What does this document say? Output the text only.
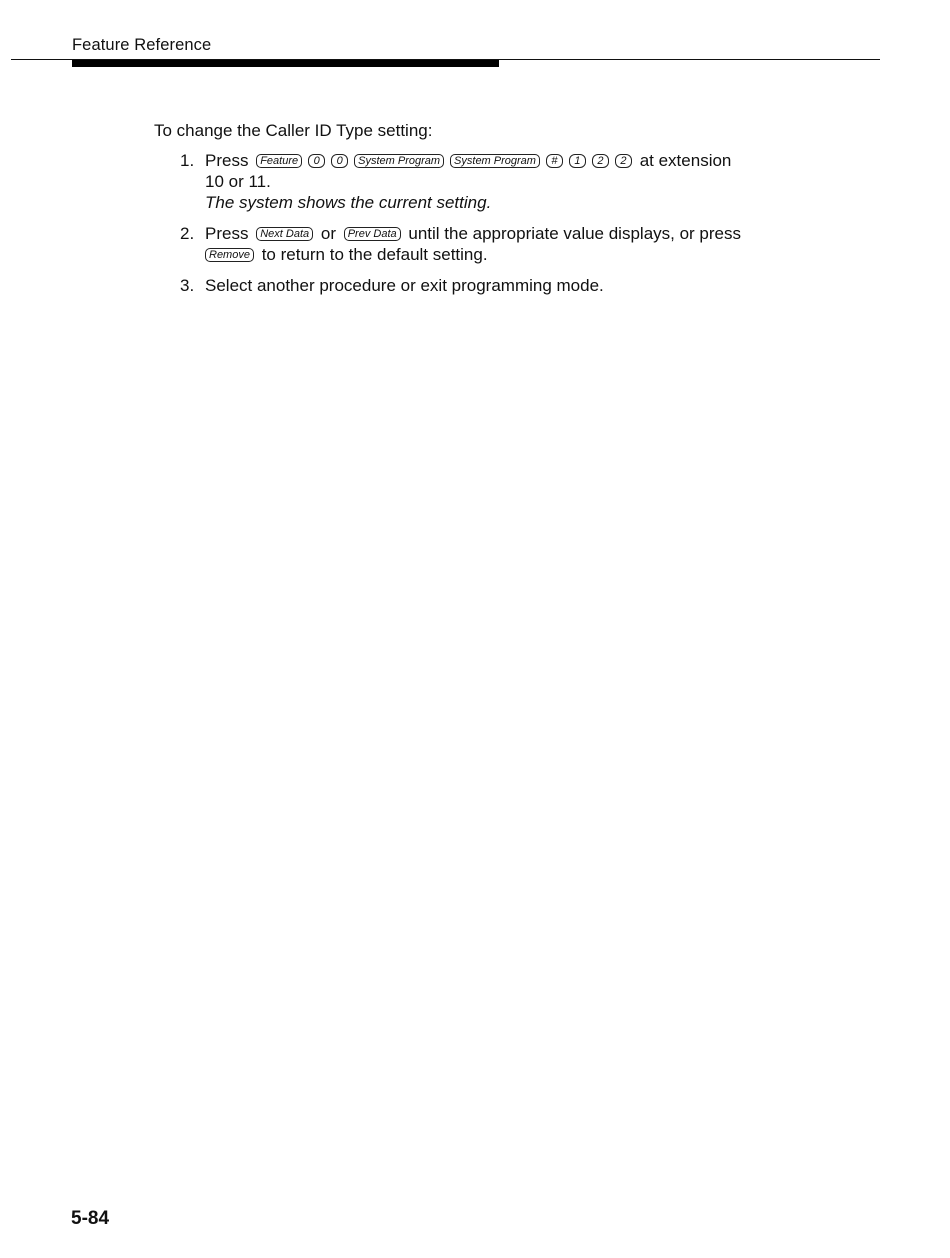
Feature Reference

To change the Caller ID Type setting:

1. Press Feature 0 0 System Program System Program # 1 2 2 at extension
10 or 11.
The system shows the current setting.
2. Press Next Data or Prev Data until the appropriate value displays, or press
Remove to return to the default setting.
3. Select another procedure or exit programming mode.
5-84
